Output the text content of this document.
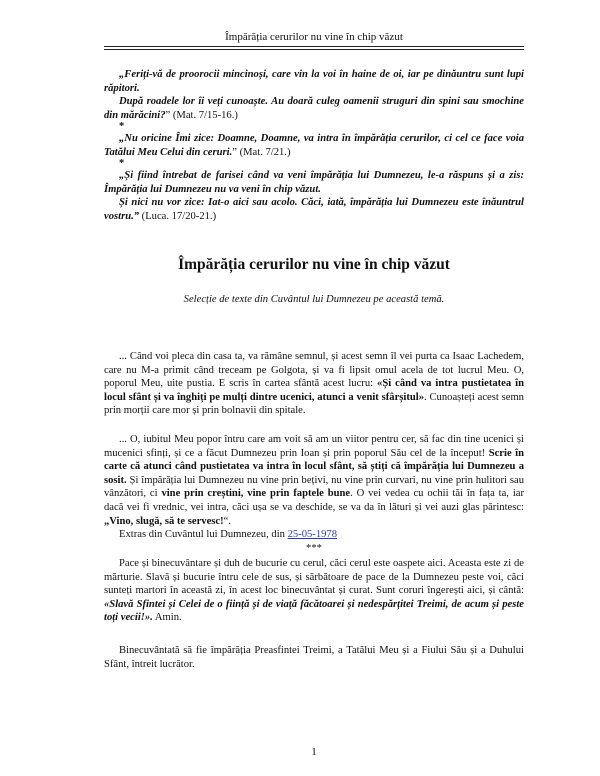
Împărăția cerurilor nu vine în chip văzut

„Feriți-vă de proorocii mincinoși, care vin la voi în haine de oi, iar pe dinăuntru sunt lupi răpitori.

După roadele lor îi veți cunoaște. Au doară culeg oamenii struguri din spini sau smochine din mărăcini?” (Mat. 7/15-16.)

*

„Nu oricine Îmi zice: Doamne, Doamne, va intra în împărăția cerurilor, ci cel ce face voia Tatălui Meu Celui din ceruri.” (Mat. 7/21.)

*

„Și fiind întrebat de farisei când va veni împărăția lui Dumnezeu, le-a răspuns și a zis: Împărăția lui Dumnezeu nu va veni în chip văzut.

Și nici nu vor zice: Iat-o aici sau acolo. Căci, iată, împărăția lui Dumnezeu este înăuntrul vostru.” (Luca. 17/20-21.)

Împărăția cerurilor nu vine în chip văzut
Selecție de texte din Cuvântul lui Dumnezeu pe această temă.

... Când voi pleca din casa ta, va rămâne semnul, și acest semn îl vei purta ca Isaac Lachedem, care nu M-a primit când treceam pe Golgota, și va fi lipsit omul acela de tot lucrul Meu. O, poporul Meu, uite pustia. E scris în cartea sfântă acest lucru: «Și când va intra pustietatea în locul sfânt și va înghiți pe mulți dintre ucenici, atunci a venit sfârșitul». Cunoașteți acest semn prin morții care mor și prin bolnavii din spitale.

... O, iubitul Meu popor întru care am voit să am un viitor pentru cer, să fac din tine ucenici și mucenici sfinți, și ce a făcut Dumnezeu prin Ioan și prin poporul Său cel de la început! Scrie în carte că atunci când pustietatea va intra în locul sfânt, să știți că împărăția lui Dumnezeu a sosit. Și împărăția lui Dumnezeu nu vine prin bețivi, nu vine prin curvari, nu vine prin hulitori sau vânzători, ci vine prin creștini, vine prin faptele bune. O vei vedea cu ochii tăi în fața ta, iar dacă vei fi vrednic, vei intra, căci ușa se va deschide, se va da în lături și vei auzi glas părintesc: „Vino, slugă, să te servesc!“.

Extras din Cuvântul lui Dumnezeu, din 25-05-1978

***

Pace și binecuvântare și duh de bucurie cu cerul, căci cerul este oaspete aici. Aceasta este zi de mărturie. Slavă și bucurie întru cele de sus, și sărbătoare de pace de la Dumnezeu peste voi, căci sunteți martori în această zi, în acest loc binecuvântat și curat. Sunt coruri îngerești aici, și cântă: «Slavă Sfintei și Celei de o ființă și de viață făcătoarei și nedespărțitei Treimi, de acum și peste toți vecii!». Amin.

Binecuvântată să fie împărăția Preasfintei Treimi, a Tatălui Meu și a Fiului Său și a Duhului Sfânt, întreit lucrător.

1
